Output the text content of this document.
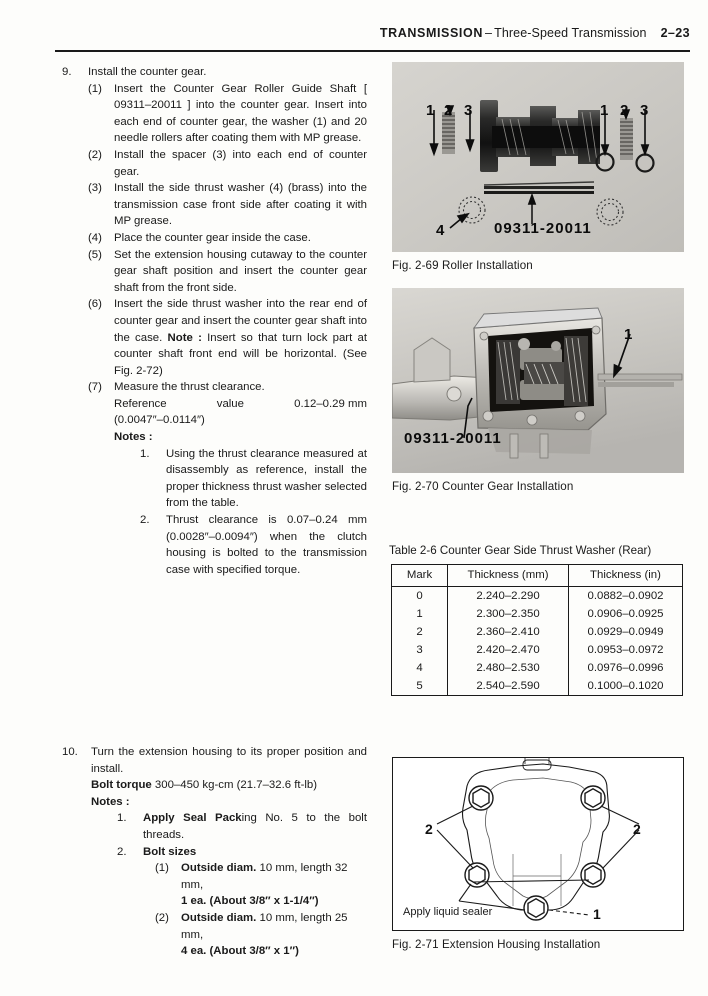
TRANSMISSION – Three-Speed Transmission 2–23
9.	Install the counter gear.
(1)	Insert the Counter Gear Roller Guide Shaft [ 09311–20011 ] into the counter gear. Insert into each end of counter gear, the washer (1) and 20 needle rollers after coating them with MP grease.
(2)	Install the spacer (3) into each end of counter gear.
(3)	Install the side thrust washer (4) (brass) into the transmission case front side after coating it with MP grease.
(4)	Place the counter gear inside the case.
(5)	Set the extension housing cutaway to the counter gear shaft position and insert the counter gear shaft from the front side.
(6)	Insert the side thrust washer into the rear end of counter gear and insert the counter gear shaft into the case. Note : Insert so that turn lock part at counter shaft front end will be horizontal. (See Fig. 2-72)
(7)	Measure the thrust clearance.
Reference	value	0.12–0.29 mm
(0.0047″–0.0114″)
Notes :
1.	Using the thrust clearance measured at disassembly as reference, install the proper thickness thrust washer selected from the table.
2.	Thrust clearance is 0.07–0.24 mm (0.0028″–0.0094″) when the clutch housing is bolted to the transmission case with specified torque.
10.	Turn the extension housing to its proper position and install.
Bolt torque 300–450 kg-cm (21.7–32.6 ft-lb)
Notes :
1.	Apply Seal Packing No. 5 to the bolt threads.
2.	Bolt sizes
(1)	Outside diam. 10 mm, length 32 mm,
1 ea. (About 3/8″ x 1-1/4″)
(2)	Outside diam. 10 mm, length 25 mm,
4 ea. (About 3/8″ x 1″)
1 2 3	1 2 3
4	09311-20011
Fig. 2-69 Roller Installation
1
09311-20011
Fig. 2-70 Counter Gear Installation
Table 2-6 Counter Gear Side Thrust Washer (Rear)
Mark	Thickness (mm)	Thickness (in)
0	2.240–2.290	0.0882–0.0902
1	2.300–2.350	0.0906–0.0925
2	2.360–2.410	0.0929–0.0949
3	2.420–2.470	0.0953–0.0972
4	2.480–2.530	0.0976–0.0996
5	2.540–2.590	0.1000–0.1020
2	2
1
Apply liquid sealer
Fig. 2-71 Extension Housing Installation
